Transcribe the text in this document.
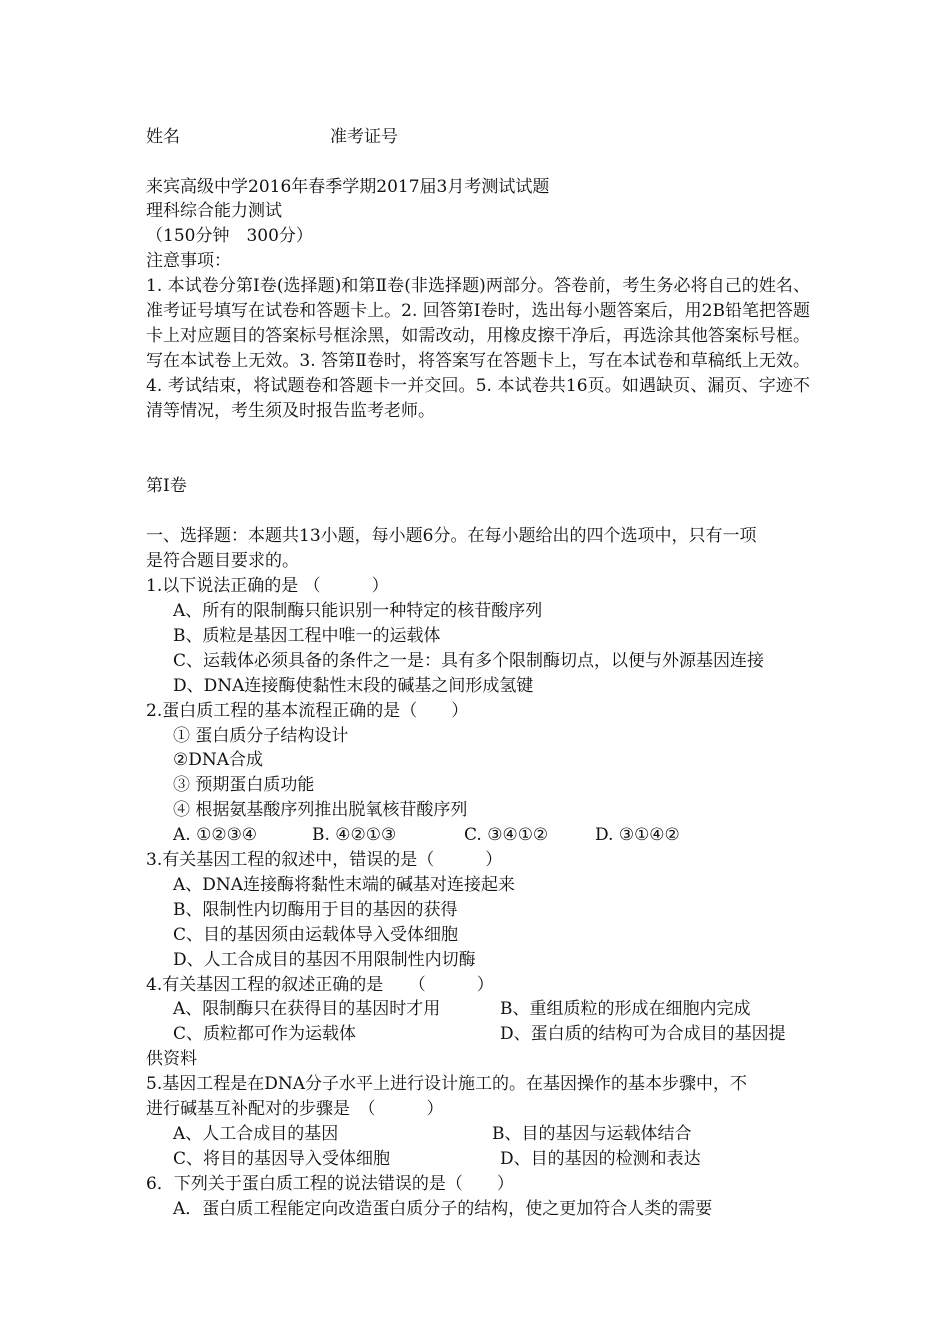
姓名	准考证号
来宾高级中学2016年春季学期2017届3月考测试试题
理科综合能力测试
（150分钟　300分）
注意事项：
1. 本试卷分第Ⅰ卷(选择题)和第Ⅱ卷(非选择题)两部分。答卷前，考生务必将自己的姓名、准考证号填写在试卷和答题卡上。2. 回答第Ⅰ卷时，选出每小题答案后，用2B铅笔把答题卡上对应题目的答案标号框涂黑，如需改动，用橡皮擦干净后，再选涂其他答案标号框。写在本试卷上无效。3. 答第Ⅱ卷时，将答案写在答题卡上，写在本试卷和草稿纸上无效。4. 考试结束，将试题卷和答题卡一并交回。5. 本试卷共16页。如遇缺页、漏页、字迹不清等情况，考生须及时报告监考老师。
第Ⅰ卷
一、选择题：本题共13小题，每小题6分。在每小题给出的四个选项中，只有一项
是符合题目要求的。
1.以下说法正确的是 （　　　）
A、所有的限制酶只能识别一种特定的核苷酸序列
B、质粒是基因工程中唯一的运载体
C、运载体必须具备的条件之一是：具有多个限制酶切点，以便与外源基因连接
D、DNA连接酶使黏性末段的碱基之间形成氢键
2.蛋白质工程的基本流程正确的是（　　）
① 蛋白质分子结构设计
②DNA合成
③ 预期蛋白质功能
④ 根据氨基酸序列推出脱氧核苷酸序列
A. ①②③④	B. ④②①③	C. ③④①②	D. ③①④②
3.有关基因工程的叙述中，错误的是（　　　）
A、DNA连接酶将黏性末端的碱基对连接起来
B、限制性内切酶用于目的基因的获得
C、目的基因须由运载体导入受体细胞
D、人工合成目的基因不用限制性内切酶
4.有关基因工程的叙述正确的是　　（　　　）
A、限制酶只在获得目的基因时才用	B、重组质粒的形成在细胞内完成
C、质粒都可作为运载体	D、蛋白质的结构可为合成目的基因提
供资料
5.基因工程是在DNA分子水平上进行设计施工的。在基因操作的基本步骤中，不
进行碱基互补配对的步骤是　（　　　）
A、人工合成目的基因	B、目的基因与运载体结合
C、将目的基因导入受体细胞	D、目的基因的检测和表达
6．下列关于蛋白质工程的说法错误的是（　　）
A．蛋白质工程能定向改造蛋白质分子的结构，使之更加符合人类的需要
